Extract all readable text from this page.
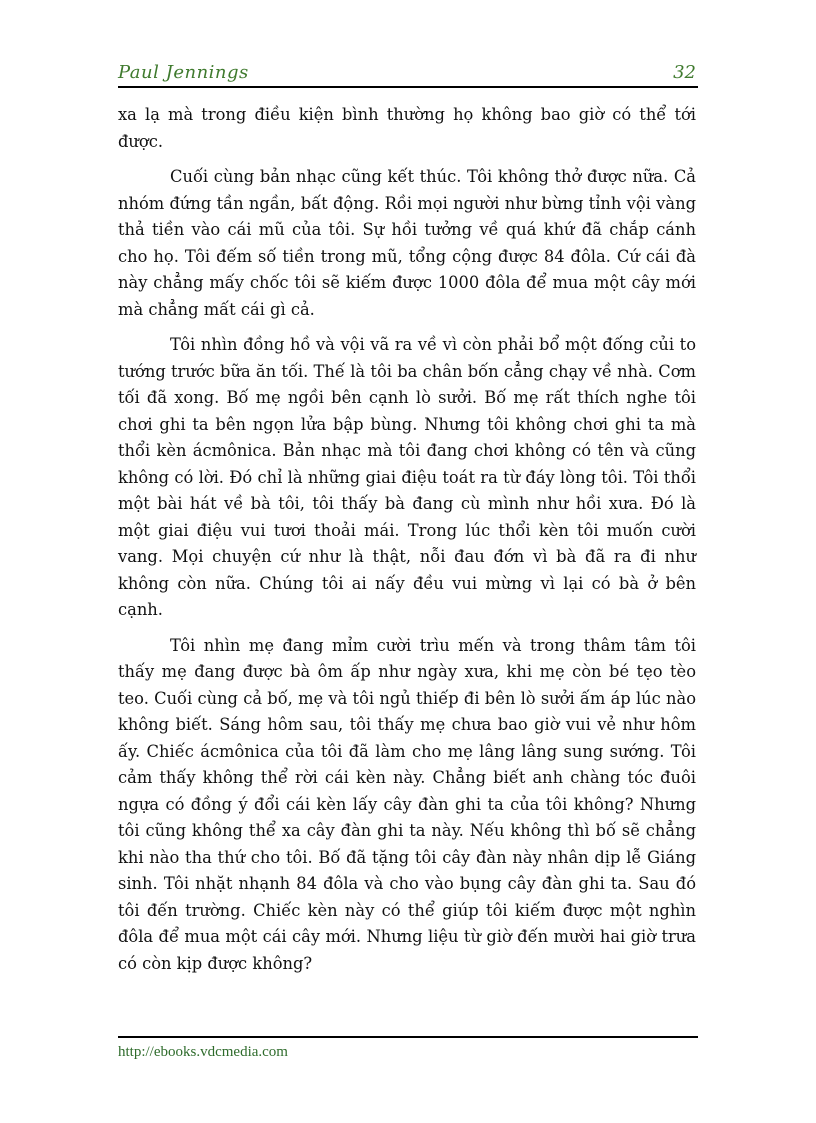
Paul Jennings	32

xa lạ mà trong điều kiện bình thường họ không bao giờ có thể tới được.

Cuối cùng bản nhạc cũng kết thúc. Tôi không thở được nữa. Cả nhóm đứng tần ngần, bất động. Rồi mọi người như bừng tỉnh vội vàng thả tiền vào cái mũ của tôi. Sự hồi tưởng về quá khứ đã chắp cánh cho họ. Tôi đếm số tiền trong mũ, tổng cộng được 84 đôla. Cứ cái đà này chẳng mấy chốc tôi sẽ kiếm được 1000 đôla để mua một cây mới mà chẳng mất cái gì cả.

Tôi nhìn đồng hồ và vội vã ra về vì còn phải bổ một đống củi to tướng trước bữa ăn tối. Thế là tôi ba chân bốn cẳng chạy về nhà. Cơm tối đã xong. Bố mẹ ngồi bên cạnh lò sưởi. Bố mẹ rất thích nghe tôi chơi ghi ta bên ngọn lửa bập bùng. Nhưng tôi không chơi ghi ta mà thổi kèn ácmônica. Bản nhạc mà tôi đang chơi không có tên và cũng không có lời. Đó chỉ là những giai điệu toát ra từ đáy lòng tôi. Tôi thổi một bài hát về bà tôi, tôi thấy bà đang cù mình như hồi xưa. Đó là một giai điệu vui tươi thoải mái. Trong lúc thổi kèn tôi muốn cười vang. Mọi chuyện cứ như là thật, nỗi đau đớn vì bà đã ra đi như không còn nữa. Chúng tôi ai nấy đều vui mừng vì lại có bà ở bên cạnh.

Tôi nhìn mẹ đang mỉm cười trìu mến và trong thâm tâm tôi thấy mẹ đang được bà ôm ấp như ngày xưa, khi mẹ còn bé tẹo tèo teo. Cuối cùng cả bố, mẹ và tôi ngủ thiếp đi bên lò sưởi ấm áp lúc nào không biết. Sáng hôm sau, tôi thấy mẹ chưa bao giờ vui vẻ như hôm ấy. Chiếc ácmônica của tôi đã làm cho mẹ lâng lâng sung sướng. Tôi cảm thấy không thể rời cái kèn này. Chẳng biết anh chàng tóc đuôi ngựa có đồng ý đổi cái kèn lấy cây đàn ghi ta của tôi không? Nhưng tôi cũng không thể xa cây đàn ghi ta này. Nếu không thì bố sẽ chẳng khi nào tha thứ cho tôi. Bố đã tặng tôi cây đàn này nhân dịp lễ Giáng sinh. Tôi nhặt nhạnh 84 đôla và cho vào bụng cây đàn ghi ta. Sau đó tôi đến trường. Chiếc kèn này có thể giúp tôi kiếm được một nghìn đôla để mua một cái cây mới. Nhưng liệu từ giờ đến mười hai giờ trưa có còn kịp được không?

http://ebooks.vdcmedia.com
